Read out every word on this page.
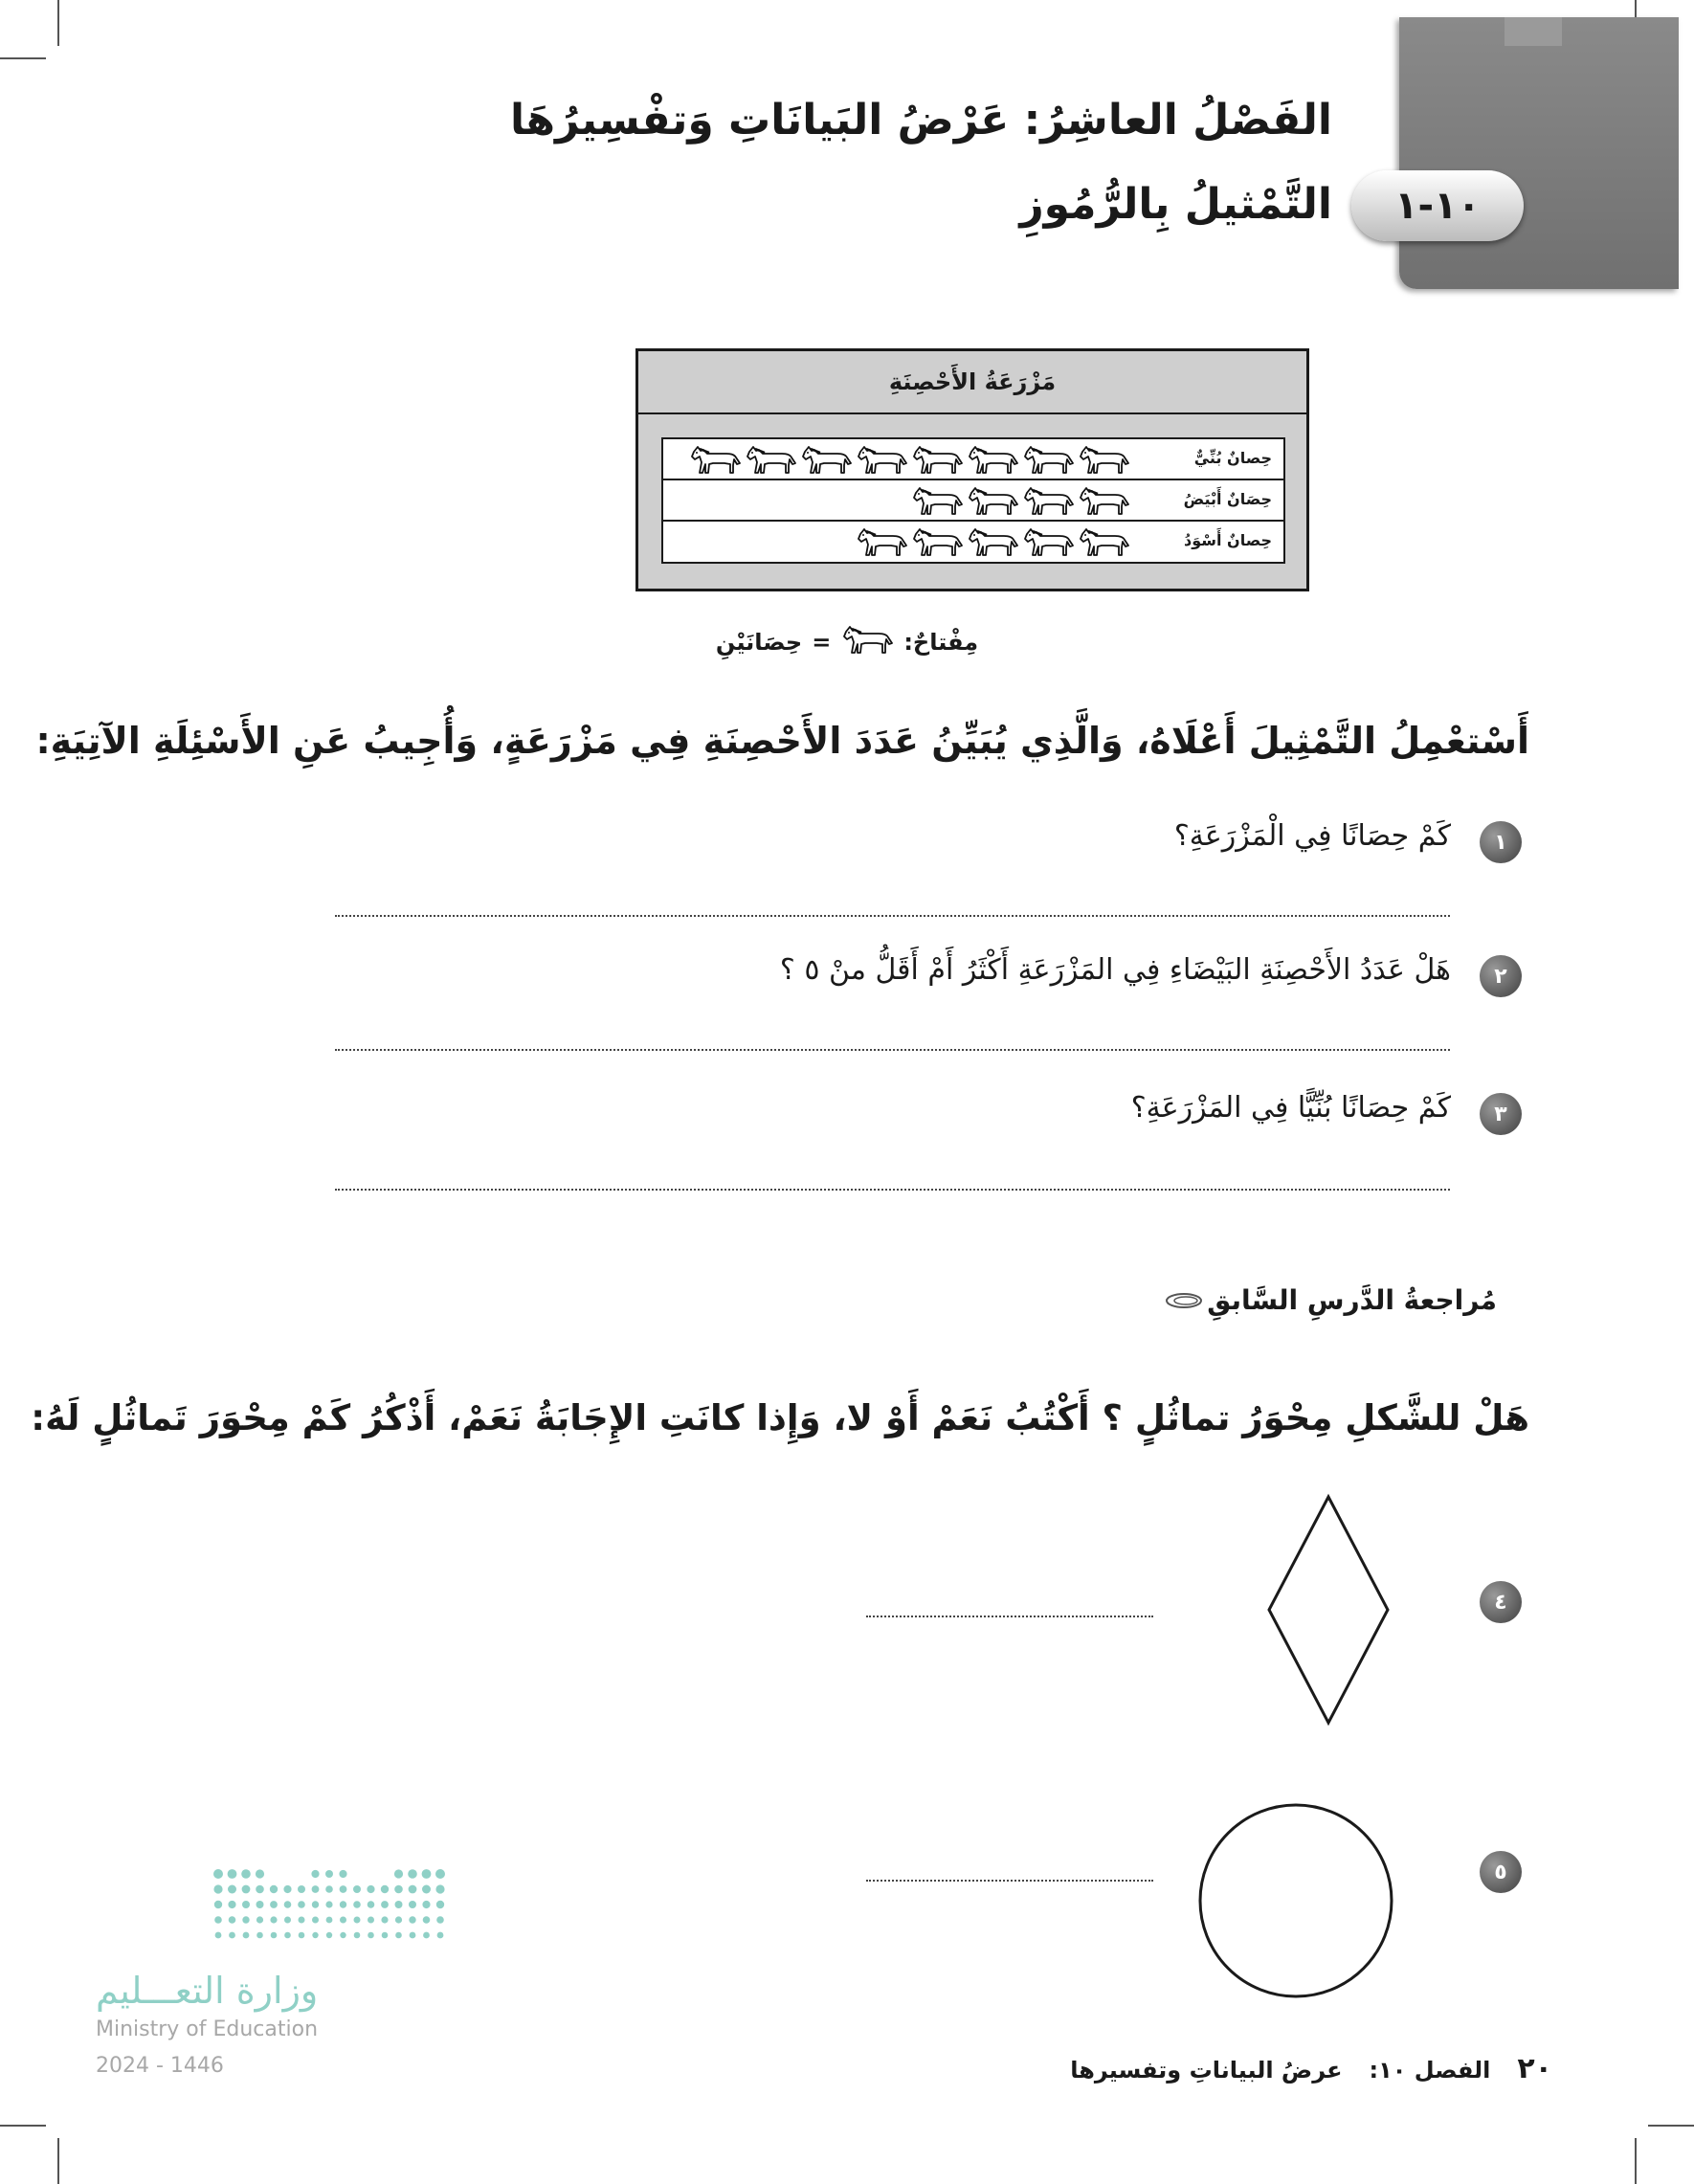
الفَصْلُ العاشِرُ: عَرْضُ البَيانَاتِ وَتفْسِيرُهَا
التَّمْثيلُ بِالرُّمُوزِ ١٠-١
مَزْرَعَةُ الأَحْصِنَةِ
حِصانٌ بُنِّيٌّ
حِصَانٌ أَبْيَضُ
حِصانٌ أَسْوَدُ
مِفْتاحٌ:
=
حِصَانَيْنِ
أَسْتعْمِلُ التَّمْثِيلَ أَعْلَاهُ، وَالَّذِي يُبَيِّنُ عَدَدَ الأَحْصِنَةِ فِي مَزْرَعَةٍ، وَأُجِيبُ عَنِ الأَسْئِلَةِ الآتِيَةِ:
١
كَمْ حِصَانًا فِي الْمَزْرَعَةِ؟
٢
هَلْ عَدَدُ الأَحْصِنَةِ البَيْضَاءِ فِي المَزْرَعَةِ أَكْثَرُ أَمْ أَقَلُّ منْ ٥ ؟
٣
كَمْ حِصَانًا بُنِّيًّا فِي المَزْرَعَةِ؟
مُراجعةُ الدَّرسِ السَّابقِ
هَلْ للشَّكلِ مِحْوَرُ تماثُلٍ ؟ أَكْتُبُ نَعَمْ أَوْ لا، وَإِذا كانَتِ الإِجَابَةُ نَعَمْ، أَذْكُرُ كَمْ مِحْوَرَ تَماثُلٍ لَهُ:
٤
٥
وزارة التعـــليم
Ministry of Education
2024 - 1446	٢٠
الفصل ١٠:
عرضُ البياناتِ وتفسيرها
